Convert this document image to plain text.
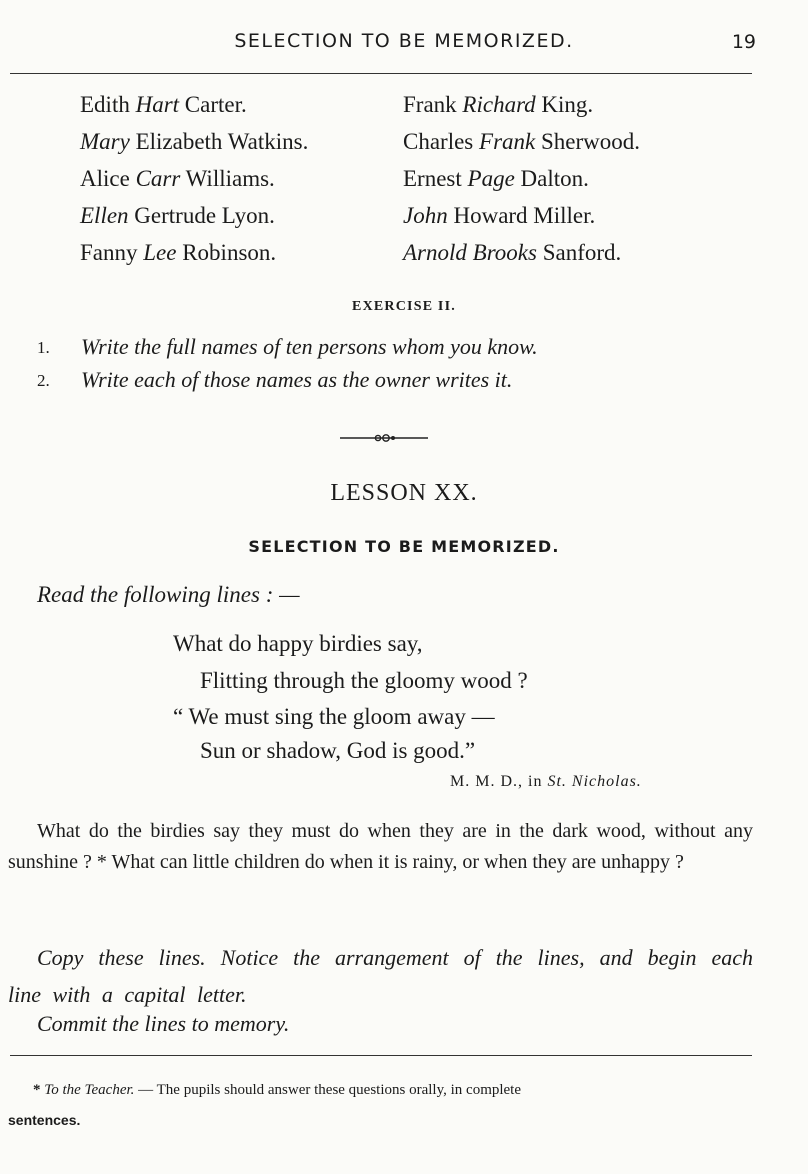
SELECTION TO BE MEMORIZED.	19
Edith Hart Carter.
Mary Elizabeth Watkins.
Alice Carr Williams.
Ellen Gertrude Lyon.
Fanny Lee Robinson.
Frank Richard King.
Charles Frank Sherwood.
Ernest Page Dalton.
John Howard Miller.
Arnold Brooks Sanford.
EXERCISE II.
1. Write the full names of ten persons whom you know.
2. Write each of those names as the owner writes it.
LESSON XX.
SELECTION TO BE MEMORIZED.
Read the following lines : —
What do happy birdies say,
Flitting through the gloomy wood ?
“ We must sing the gloom away —
Sun or shadow, God is good.”
M. M. D., in St. Nicholas.
What do the birdies say they must do when they are in the dark wood, without any sunshine ? * What can little children do when it is rainy, or when they are unhappy ?
Copy these lines. Notice the arrangement of the lines, and begin each line with a capital letter.
Commit the lines to memory.
* To the Teacher. — The pupils should answer these questions orally, in complete
sentences.
